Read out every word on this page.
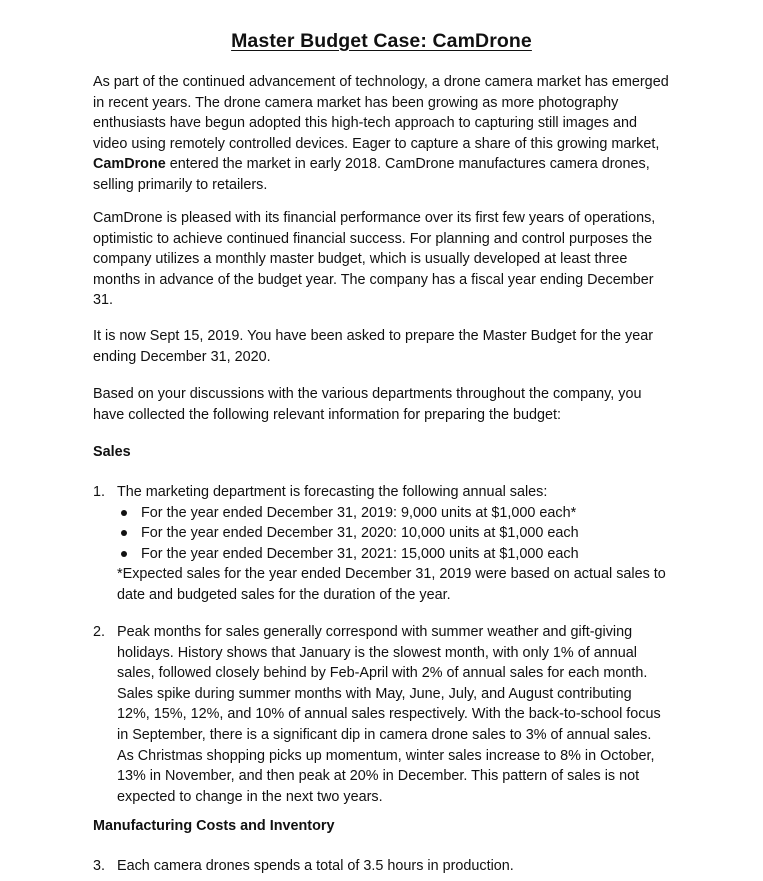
Master Budget Case: CamDrone

As part of the continued advancement of technology, a drone camera market has emerged in recent years. The drone camera market has been growing as more photography enthusiasts have begun adopted this high-tech approach to capturing still images and video using remotely controlled devices. Eager to capture a share of this growing market, CamDrone entered the market in early 2018. CamDrone manufactures camera drones, selling primarily to retailers.

CamDrone is pleased with its financial performance over its first few years of operations, optimistic to achieve continued financial success. For planning and control purposes the company utilizes a monthly master budget, which is usually developed at least three months in advance of the budget year. The company has a fiscal year ending December 31.

It is now Sept 15, 2019. You have been asked to prepare the Master Budget for the year ending December 31, 2020.

Based on your discussions with the various departments throughout the company, you have collected the following relevant information for preparing the budget:

Sales
1. The marketing department is forecasting the following annual sales:
For the year ended December 31, 2019: 9,000 units at $1,000 each*
For the year ended December 31, 2020: 10,000 units at $1,000 each
For the year ended December 31, 2021: 15,000 units at $1,000 each
*Expected sales for the year ended December 31, 2019 were based on actual sales to date and budgeted sales for the duration of the year.
2. Peak months for sales generally correspond with summer weather and gift-giving holidays. History shows that January is the slowest month, with only 1% of annual sales, followed closely behind by Feb-April with 2% of annual sales for each month. Sales spike during summer months with May, June, July, and August contributing 12%, 15%, 12%, and 10% of annual sales respectively. With the back-to-school focus in September, there is a significant dip in camera drone sales to 3% of annual sales. As Christmas shopping picks up momentum, winter sales increase to 8% in October, 13% in November, and then peak at 20% in December. This pattern of sales is not expected to change in the next two years.
Manufacturing Costs and Inventory
3. Each camera drones spends a total of 3.5 hours in production.
